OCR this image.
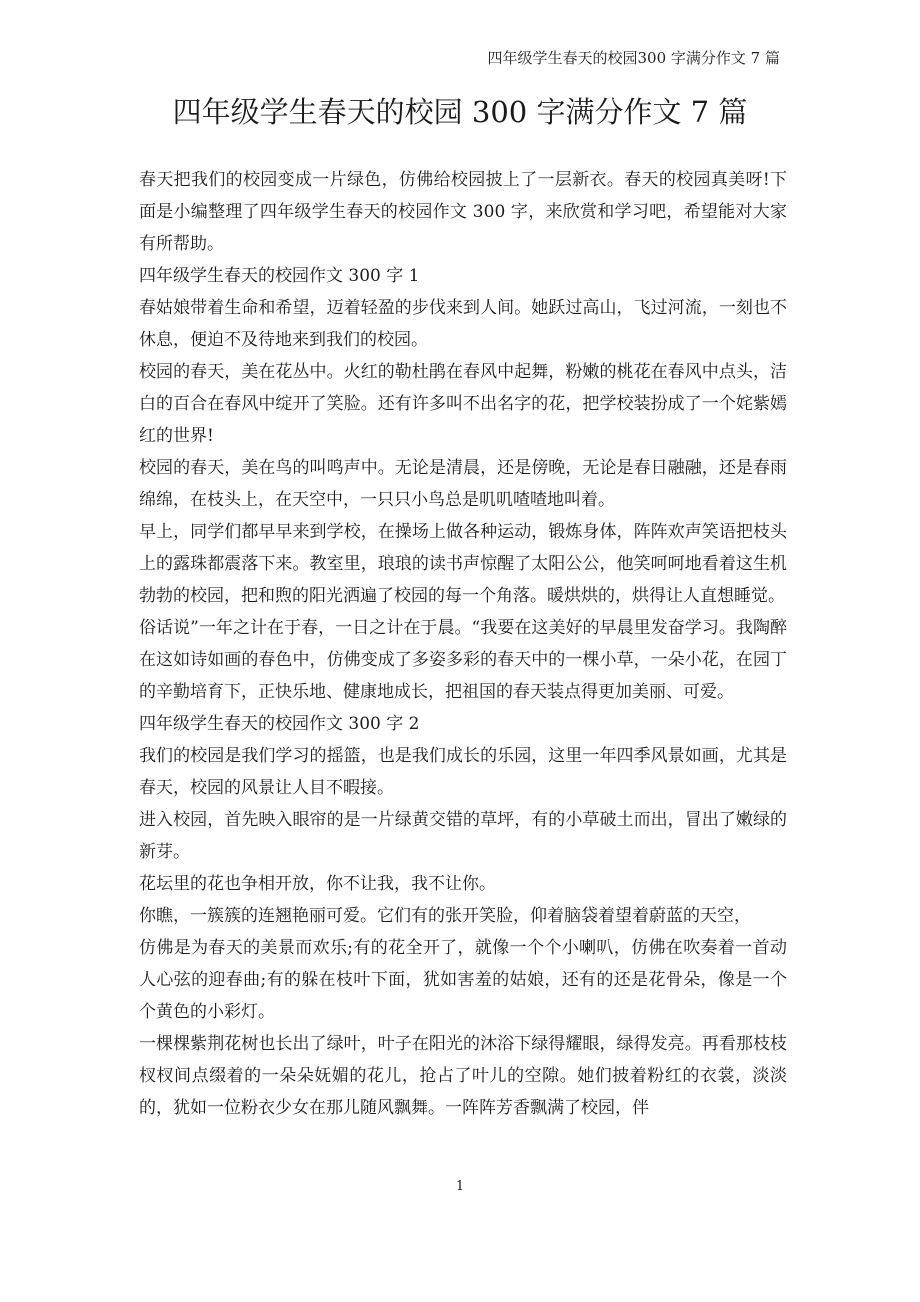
四年级学生春天的校园300 字满分作文 7 篇
四年级学生春天的校园 300 字满分作文 7 篇

春天把我们的校园变成一片绿色，仿佛给校园披上了一层新衣。春天的校园真美呀!下面是小编整理了四年级学生春天的校园作文 300 字，来欣赏和学习吧，希望能对大家有所帮助。

四年级学生春天的校园作文 300 字 1

春姑娘带着生命和希望，迈着轻盈的步伐来到人间。她跃过高山，飞过河流，一刻也不休息，便迫不及待地来到我们的校园。

校园的春天，美在花丛中。火红的勒杜鹃在春风中起舞，粉嫩的桃花在春风中点头，洁白的百合在春风中绽开了笑脸。还有许多叫不出名字的花，把学校装扮成了一个姹紫嫣红的世界!

校园的春天，美在鸟的叫鸣声中。无论是清晨，还是傍晚，无论是春日融融，还是春雨绵绵，在枝头上，在天空中，一只只小鸟总是叽叽喳喳地叫着。

早上，同学们都早早来到学校，在操场上做各种运动，锻炼身体，阵阵欢声笑语把枝头上的露珠都震落下来。教室里，琅琅的读书声惊醒了太阳公公，他笑呵呵地看着这生机勃勃的校园，把和煦的阳光洒遍了校园的每一个角落。暖烘烘的，烘得让人直想睡觉。

俗话说”一年之计在于春，一日之计在于晨。“我要在这美好的早晨里发奋学习。我陶醉在这如诗如画的春色中，仿佛变成了多姿多彩的春天中的一棵小草，一朵小花，在园丁的辛勤培育下，正快乐地、健康地成长，把祖国的春天装点得更加美丽、可爱。

四年级学生春天的校园作文 300 字 2

我们的校园是我们学习的摇篮，也是我们成长的乐园，这里一年四季风景如画，尤其是春天，校园的风景让人目不暇接。

进入校园，首先映入眼帘的是一片绿黄交错的草坪，有的小草破土而出，冒出了嫩绿的新芽。

花坛里的花也争相开放，你不让我，我不让你。

你瞧，一簇簇的连翘艳丽可爱。它们有的张开笑脸，仰着脑袋着望着蔚蓝的天空，

仿佛是为春天的美景而欢乐;有的花全开了，就像一个个小喇叭，仿佛在吹奏着一首动人心弦的迎春曲;有的躲在枝叶下面，犹如害羞的姑娘，还有的还是花骨朵，像是一个个黄色的小彩灯。

一棵棵紫荆花树也长出了绿叶，叶子在阳光的沐浴下绿得耀眼，绿得发亮。再看那枝枝杈杈间点缀着的一朵朵妩媚的花儿，抢占了叶儿的空隙。她们披着粉红的衣裳，淡淡的，犹如一位粉衣少女在那儿随风飘舞。一阵阵芳香飘满了校园，伴

1
